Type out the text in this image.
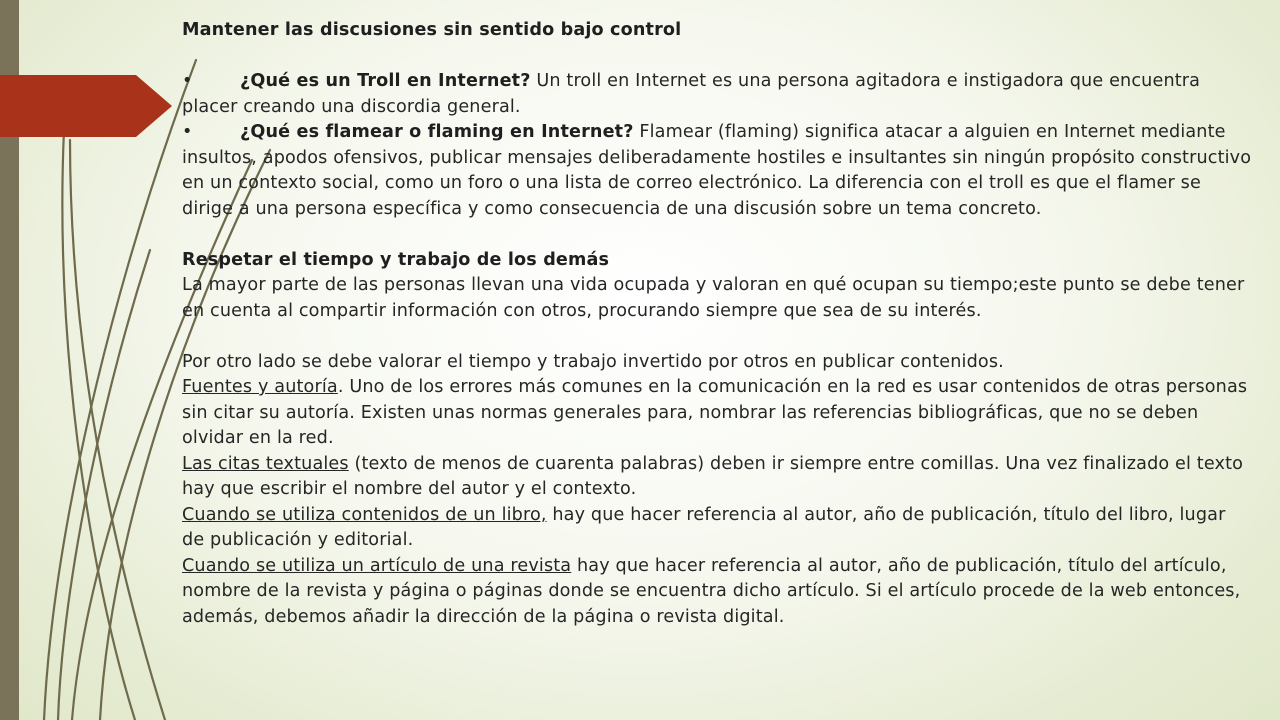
Mantener las discusiones sin sentido bajo control

•	¿Qué es un Troll en Internet? Un troll en Internet es una persona agitadora e instigadora que encuentra placer creando una discordia general.

•	¿Qué es flamear o flaming en Internet? Flamear (flaming) significa atacar a alguien en Internet mediante insultos, apodos ofensivos, publicar mensajes deliberadamente hostiles e insultantes sin ningún propósito constructivo en un contexto social, como un foro o una lista de correo electrónico. La diferencia con el troll es que el flamer se dirige a una persona específica y como consecuencia de una discusión sobre un tema concreto.

Respetar el tiempo y trabajo de los demás

La mayor parte de las personas llevan una vida ocupada y valoran en qué ocupan su tiempo;este punto se debe tener en cuenta al compartir información con otros, procurando siempre que sea de su interés.

Por otro lado se debe valorar el tiempo y trabajo invertido por otros en publicar contenidos.

Fuentes y autoría. Uno de los errores más comunes en la comunicación en la red es usar contenidos de otras personas sin citar su autoría. Existen unas normas generales para, nombrar las referencias bibliográficas, que no se deben olvidar en la red.

Las citas textuales (texto de menos de cuarenta palabras) deben ir siempre entre comillas. Una vez finalizado el texto hay que escribir el nombre del autor y el contexto.

Cuando se utiliza contenidos de un libro, hay que hacer referencia al autor, año de publicación, título del libro, lugar de publicación y editorial.

Cuando se utiliza un artículo de una revista hay que hacer referencia al autor, año de publicación, título del artículo, nombre de la revista y página o páginas donde se encuentra dicho artículo. Si el artículo procede de la web entonces, además, debemos añadir la dirección de la página o revista digital.
